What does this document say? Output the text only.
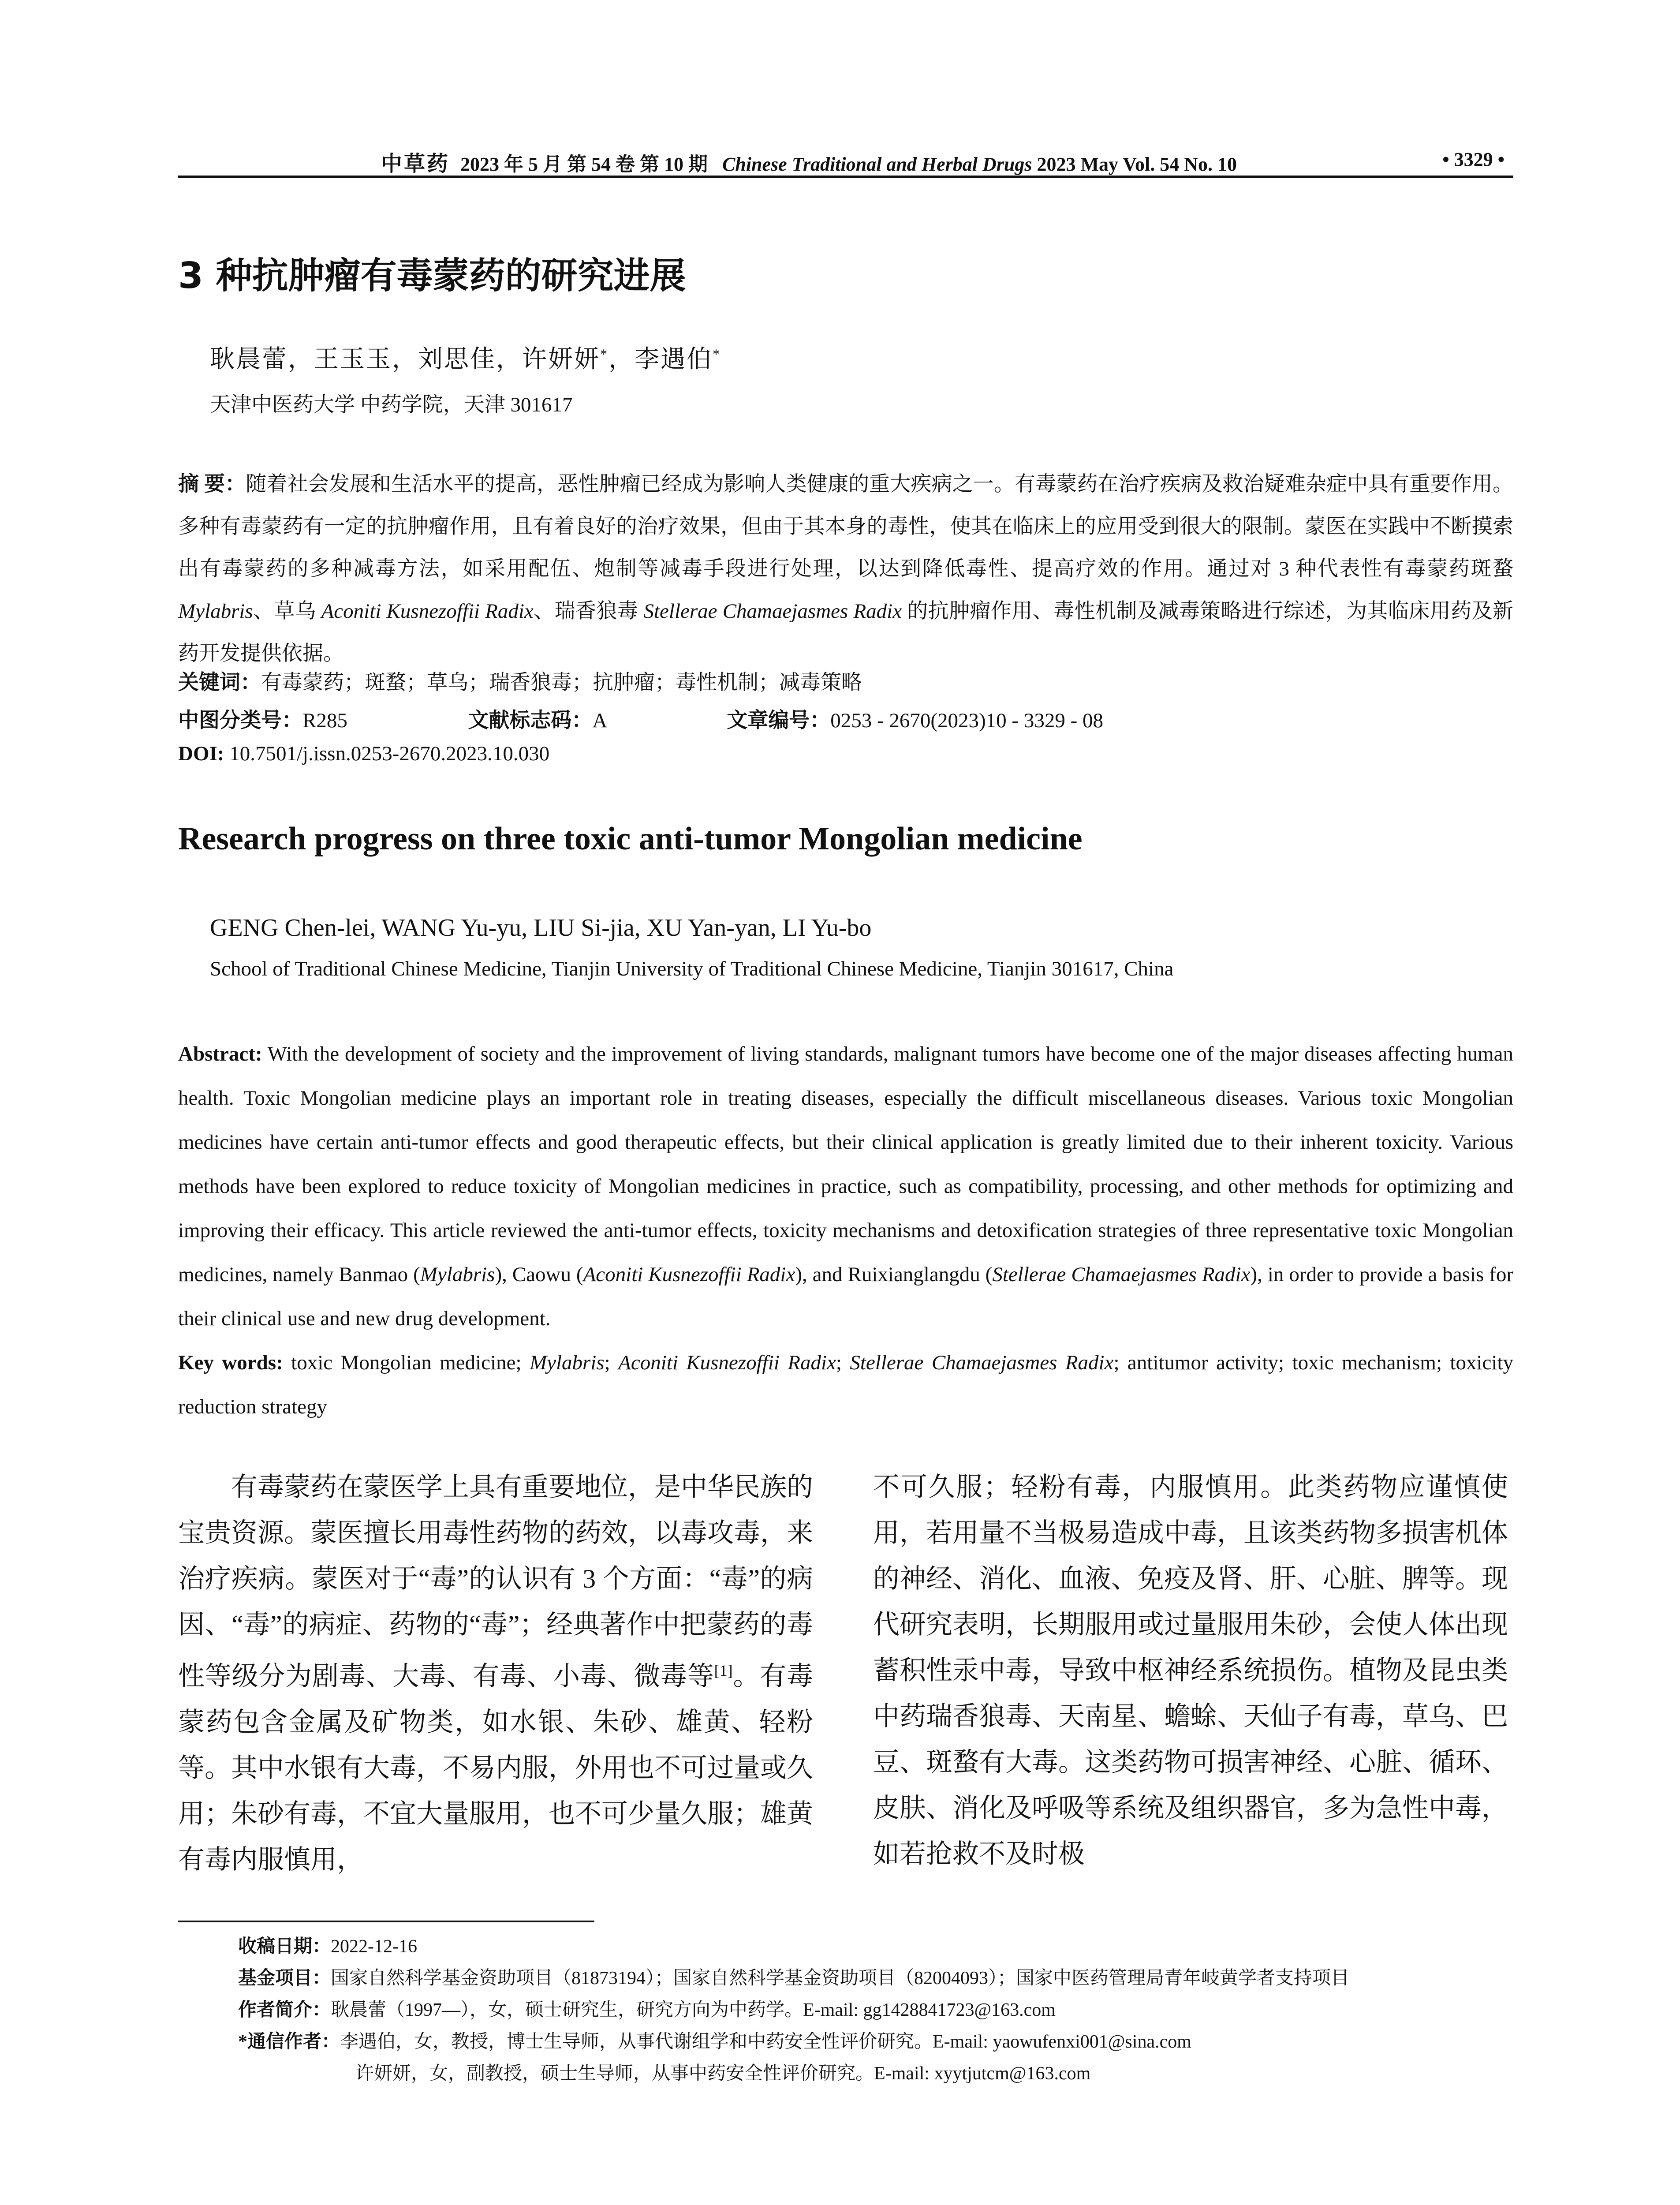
中草药 2023 年 5 月 第 54 卷 第 10 期 Chinese Traditional and Herbal Drugs 2023 May Vol. 54 No. 10	• 3329 •
3 种抗肿瘤有毒蒙药的研究进展
耿晨蕾，王玉玉，刘思佳，许妍妍*，李遇伯*
天津中医药大学 中药学院，天津 301617
摘 要：随着社会发展和生活水平的提高，恶性肿瘤已经成为影响人类健康的重大疾病之一。有毒蒙药在治疗疾病及救治疑难杂症中具有重要作用。多种有毒蒙药有一定的抗肿瘤作用，且有着良好的治疗效果，但由于其本身的毒性，使其在临床上的应用受到很大的限制。蒙医在实践中不断摸索出有毒蒙药的多种减毒方法，如采用配伍、炮制等减毒手段进行处理，以达到降低毒性、提高疗效的作用。通过对 3 种代表性有毒蒙药斑蝥 Mylabris、草乌 Aconiti Kusnezoffii Radix、瑞香狼毒 Stellerae Chamaejasmes Radix 的抗肿瘤作用、毒性机制及减毒策略进行综述，为其临床用药及新药开发提供依据。
关键词：有毒蒙药；斑蝥；草乌；瑞香狼毒；抗肿瘤；毒性机制；减毒策略
中图分类号：R285	文献标志码：A	文章编号：0253 - 2670(2023)10 - 3329 - 08
DOI: 10.7501/j.issn.0253-2670.2023.10.030
Research progress on three toxic anti-tumor Mongolian medicine
GENG Chen-lei, WANG Yu-yu, LIU Si-jia, XU Yan-yan, LI Yu-bo
School of Traditional Chinese Medicine, Tianjin University of Traditional Chinese Medicine, Tianjin 301617, China
Abstract: With the development of society and the improvement of living standards, malignant tumors have become one of the major diseases affecting human health. Toxic Mongolian medicine plays an important role in treating diseases, especially the difficult miscellaneous diseases. Various toxic Mongolian medicines have certain anti-tumor effects and good therapeutic effects, but their clinical application is greatly limited due to their inherent toxicity. Various methods have been explored to reduce toxicity of Mongolian medicines in practice, such as compatibility, processing, and other methods for optimizing and improving their efficacy. This article reviewed the anti-tumor effects, toxicity mechanisms and detoxification strategies of three representative toxic Mongolian medicines, namely Banmao (Mylabris), Caowu (Aconiti Kusnezoffii Radix), and Ruixianglangdu (Stellerae Chamaejasmes Radix), in order to provide a basis for their clinical use and new drug development.
Key words: toxic Mongolian medicine; Mylabris; Aconiti Kusnezoffii Radix; Stellerae Chamaejasmes Radix; antitumor activity; toxic mechanism; toxicity reduction strategy

有毒蒙药在蒙医学上具有重要地位，是中华民族的宝贵资源。蒙医擅长用毒性药物的药效，以毒攻毒，来治疗疾病。蒙医对于“毒”的认识有 3 个方面：“毒”的病因、“毒”的病症、药物的“毒”；经典著作中把蒙药的毒性等级分为剧毒、大毒、有毒、小毒、微毒等[1]。有毒蒙药包含金属及矿物类，如水银、朱砂、雄黄、轻粉等。其中水银有大毒，不易内服，外用也不可过量或久用；朱砂有毒，不宜大量服用，也不可少量久服；雄黄有毒内服慎用，

不可久服；轻粉有毒，内服慎用。此类药物应谨慎使用，若用量不当极易造成中毒，且该类药物多损害机体的神经、消化、血液、免疫及肾、肝、心脏、脾等。现代研究表明，长期服用或过量服用朱砂，会使人体出现蓄积性汞中毒，导致中枢神经系统损伤。植物及昆虫类中药瑞香狼毒、天南星、蟾蜍、天仙子有毒，草乌、巴豆、斑蝥有大毒。这类药物可损害神经、心脏、循环、皮肤、消化及呼吸等系统及组织器官，多为急性中毒，如若抢救不及时极

收稿日期：2022-12-16
基金项目：国家自然科学基金资助项目（81873194）；国家自然科学基金资助项目（82004093）；国家中医药管理局青年岐黄学者支持项目
作者简介：耿晨蕾（1997—），女，硕士研究生，研究方向为中药学。E-mail: gg1428841723@163.com
*通信作者：李遇伯，女，教授，博士生导师，从事代谢组学和中药安全性评价研究。E-mail: yaowufenxi001@sina.com
许妍妍，女，副教授，硕士生导师，从事中药安全性评价研究。E-mail: xyytjutcm@163.com
